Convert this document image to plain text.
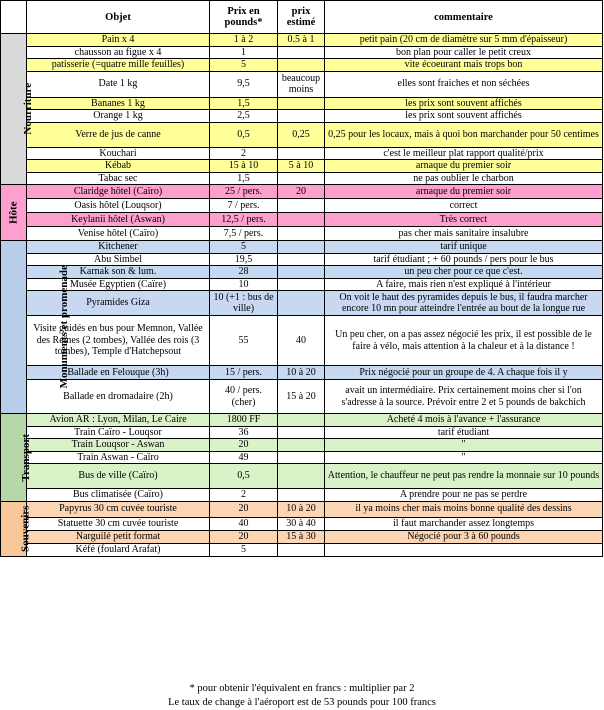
	Objet	Prix en pounds*	prix estimé	commentaire
Nourriture	Pain x 4	1 à 2	0.5 à 1	petit pain (20 cm de diamètre sur 5 mm d'épaisseur)
	chausson au figue x 4	1		bon plan pour caller le petit creux
	patisserie (=quatre mille feuilles)	5		vite écoeurant mais trops bon
	Date 1 kg	9,5	beaucoup moins	elles sont fraiches et non séchées
	Bananes 1 kg	1,5		les prix sont souvent affichés
	Orange 1 kg	2,5		les prix sont souvent affichés
	Verre de jus de canne	0,5	0,25	0,25 pour les locaux, mais à quoi bon marchander pour 50 centimes
	Kouchari	2		c'est le meilleur plat rapport qualité/prix
	Kébab	15 à 10	5 à 10	arnaque du premier soir
	Tabac sec	1,5		ne pas oublier le charbon
Hôte	Claridge hôtel (Caïro)	25 / pers.	20	arnaque du premier soir
	Oasis hôtel (Louqsor)	7 / pers.		correct
	Keylanii hôtel (Aswan)	12,5 / pers.		Très correct
	Venise hôtel (Caïro)	7,5 / pers.		pas cher mais sanitaire insalubre
Monuments et promenade	Kitchener	5		tarif unique
	Abu Simbel	19,5		tarif étudiant ; + 60 pounds / pers pour le bus
	Karnak son & lum.	28		un peu cher pour ce que c'est.
	Musée Egyptien (Caïre)	10		A faire, mais rien n'est expliqué à l'intérieur
	Pyramides Giza	10 (+1 : bus de ville)		On voit le haut des pyramides depuis le bus, il faudra marcher encore 10 mn pour atteindre l'entrée au bout de la longue rue
	Visite guidés en bus pour Memnon, Vallée des Reines (2 tombes), Vallée des rois (3 tombes), Temple d'Hatchepsout	55	40	Un peu cher, on a pas assez négocié les prix, il est possible de le faire à vélo, mais attention à la chaleur et à la distance !
	Ballade en Felouque (3h)	15 / pers.	10 à 20	Prix négocié pour un groupe de 4. A chaque fois il y
	Ballade en dromadaire (2h)	40 / pers. (cher)	15 à 20	avait un intermédiaire. Prix certainement moins cher si l'on s'adresse à la source. Prévoir entre 2 et 5 pounds de bakchich
Transport	Avion AR : Lyon, Milan, Le Caire	1800 FF		Acheté 4 mois à l'avance + l'assurance
	Train Caïro - Louqsor	36		tarif étudiant
	Train Louqsor - Aswan	20		"
	Train Aswan - Caïro	49		"
	Bus de ville (Caïro)	0,5		Attention, le chauffeur ne peut pas rendre la monnaie sur 10 pounds
	Bus climatisée (Caïro)	2		A prendre pour ne pas se perdre
Souvenirs	Papyrus 30 cm cuvée touriste	20	10 à 20	il ya moins cher mais moins bonne qualité des dessins
	Statuette 30 cm cuvée touriste	40	30 à 40	il faut marchander assez longtemps
	Narguilé petit format	20	15 à 30	Négocié pour 3 à 60 pounds
	Kéfé (foulard Arafat)	5		
* pour obtenir l'équivalent en francs : multiplier par 2
Le taux de change à l'aéroport est de 53 pounds pour 100 francs
